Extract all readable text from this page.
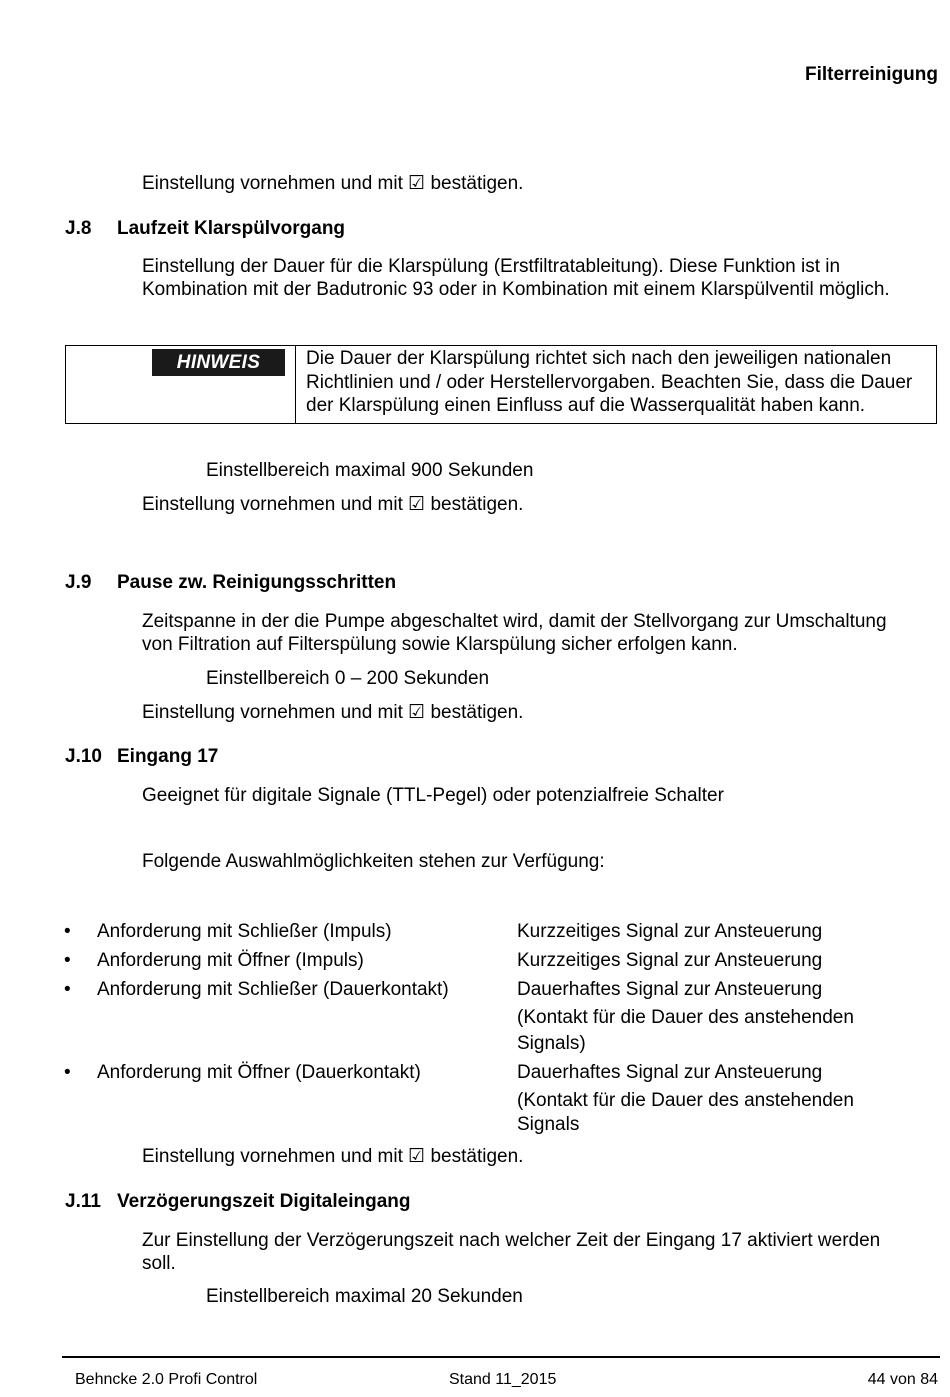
Filterreinigung
Einstellung vornehmen und mit ☑ bestätigen.
J.8 Laufzeit Klarspülvorgang
Einstellung der Dauer für die Klarspülung (Erstfiltratableitung). Diese Funktion ist in
Kombination mit der Badutronic 93 oder in Kombination mit einem Klarspülventil möglich.
HINWEIS	Die Dauer der Klarspülung richtet sich nach den jeweiligen nationalen Richtlinien und / oder Herstellervorgaben. Beachten Sie, dass die Dauer der Klarspülung einen Einfluss auf die Wasserqualität haben kann.
Einstellbereich maximal 900 Sekunden
Einstellung vornehmen und mit ☑ bestätigen.
J.9 Pause zw. Reinigungsschritten
Zeitspanne in der die Pumpe abgeschaltet wird, damit der Stellvorgang zur Umschaltung
von Filtration auf Filterspülung sowie Klarspülung sicher erfolgen kann.
Einstellbereich 0 – 200 Sekunden
Einstellung vornehmen und mit ☑ bestätigen.
J.10 Eingang 17
Geeignet für digitale Signale (TTL-Pegel) oder potenzialfreie Schalter
Folgende Auswahlmöglichkeiten stehen zur Verfügung:
• Anforderung mit Schließer (Impuls)	Kurzzeitiges Signal zur Ansteuerung
• Anforderung mit Öffner (Impuls)	Kurzzeitiges Signal zur Ansteuerung
• Anforderung mit Schließer (Dauerkontakt)	Dauerhaftes Signal zur Ansteuerung
(Kontakt für die Dauer des anstehenden
Signals)
• Anforderung mit Öffner (Dauerkontakt)	Dauerhaftes Signal zur Ansteuerung
(Kontakt für die Dauer des anstehenden
Signals
Einstellung vornehmen und mit ☑ bestätigen.
J.11 Verzögerungszeit Digitaleingang
Zur Einstellung der Verzögerungszeit nach welcher Zeit der Eingang 17 aktiviert werden
soll.
Einstellbereich maximal 20 Sekunden
Behncke 2.0 Profi Control	Stand 11_2015	44 von 84
